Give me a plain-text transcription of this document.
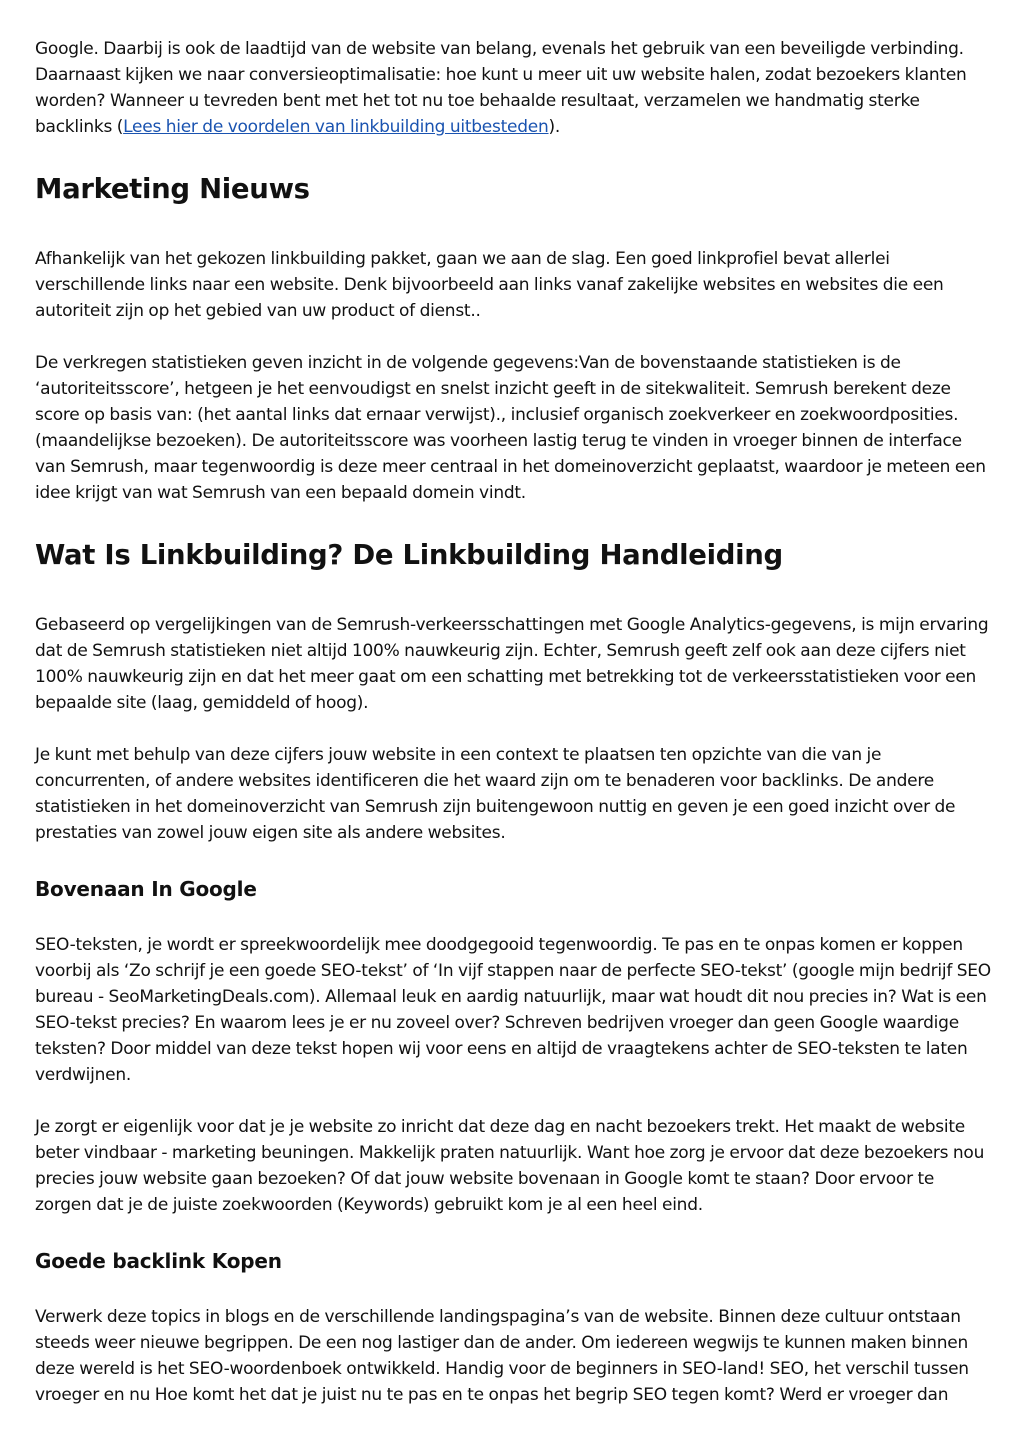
Google. Daarbij is ook de laadtijd van de website van belang, evenals het gebruik van een beveiligde verbinding. Daarnaast kijken we naar conversieoptimalisatie: hoe kunt u meer uit uw website halen, zodat bezoekers klanten worden? Wanneer u tevreden bent met het tot nu toe behaalde resultaat, verzamelen we handmatig sterke backlinks (Lees hier de voordelen van linkbuilding uitbesteden).

Marketing Nieuws

Afhankelijk van het gekozen linkbuilding pakket, gaan we aan de slag. Een goed linkprofiel bevat allerlei verschillende links naar een website. Denk bijvoorbeeld aan links vanaf zakelijke websites en websites die een autoriteit zijn op het gebied van uw product of dienst..

De verkregen statistieken geven inzicht in de volgende gegevens:Van de bovenstaande statistieken is de ‘autoriteitsscore’, hetgeen je het eenvoudigst en snelst inzicht geeft in de sitekwaliteit. Semrush berekent deze score op basis van: (het aantal links dat ernaar verwijst)., inclusief organisch zoekverkeer en zoekwoordposities. (maandelijkse bezoeken). De autoriteitsscore was voorheen lastig terug te vinden in vroeger binnen de interface van Semrush, maar tegenwoordig is deze meer centraal in het domeinoverzicht geplaatst, waardoor je meteen een idee krijgt van wat Semrush van een bepaald domein vindt.

Wat Is Linkbuilding? De Linkbuilding Handleiding

Gebaseerd op vergelijkingen van de Semrush-verkeersschattingen met Google Analytics-gegevens, is mijn ervaring dat de Semrush statistieken niet altijd 100% nauwkeurig zijn. Echter, Semrush geeft zelf ook aan deze cijfers niet 100% nauwkeurig zijn en dat het meer gaat om een schatting met betrekking tot de verkeersstatistieken voor een bepaalde site (laag, gemiddeld of hoog).

Je kunt met behulp van deze cijfers jouw website in een context te plaatsen ten opzichte van die van je concurrenten, of andere websites identificeren die het waard zijn om te benaderen voor backlinks. De andere statistieken in het domeinoverzicht van Semrush zijn buitengewoon nuttig en geven je een goed inzicht over de prestaties van zowel jouw eigen site als andere websites.

Bovenaan In Google

SEO-teksten, je wordt er spreekwoordelijk mee doodgegooid tegenwoordig. Te pas en te onpas komen er koppen voorbij als ‘Zo schrijf je een goede SEO-tekst’ of ‘In vijf stappen naar de perfecte SEO-tekst’ (google mijn bedrijf SEO bureau - SeoMarketingDeals.com). Allemaal leuk en aardig natuurlijk, maar wat houdt dit nou precies in? Wat is een SEO-tekst precies? En waarom lees je er nu zoveel over? Schreven bedrijven vroeger dan geen Google waardige teksten? Door middel van deze tekst hopen wij voor eens en altijd de vraagtekens achter de SEO-teksten te laten verdwijnen.

Je zorgt er eigenlijk voor dat je je website zo inricht dat deze dag en nacht bezoekers trekt. Het maakt de website beter vindbaar - marketing beuningen. Makkelijk praten natuurlijk. Want hoe zorg je ervoor dat deze bezoekers nou precies jouw website gaan bezoeken? Of dat jouw website bovenaan in Google komt te staan? Door ervoor te zorgen dat je de juiste zoekwoorden (Keywords) gebruikt kom je al een heel eind.

Goede backlink Kopen

Verwerk deze topics in blogs en de verschillende landingspagina’s van de website. Binnen deze cultuur ontstaan steeds weer nieuwe begrippen. De een nog lastiger dan de ander. Om iedereen wegwijs te kunnen maken binnen deze wereld is het SEO-woordenboek ontwikkeld. Handig voor de beginners in SEO-land! SEO, het verschil tussen vroeger en nu Hoe komt het dat je juist nu te pas en te onpas het begrip SEO tegen komt? Werd er vroeger dan
